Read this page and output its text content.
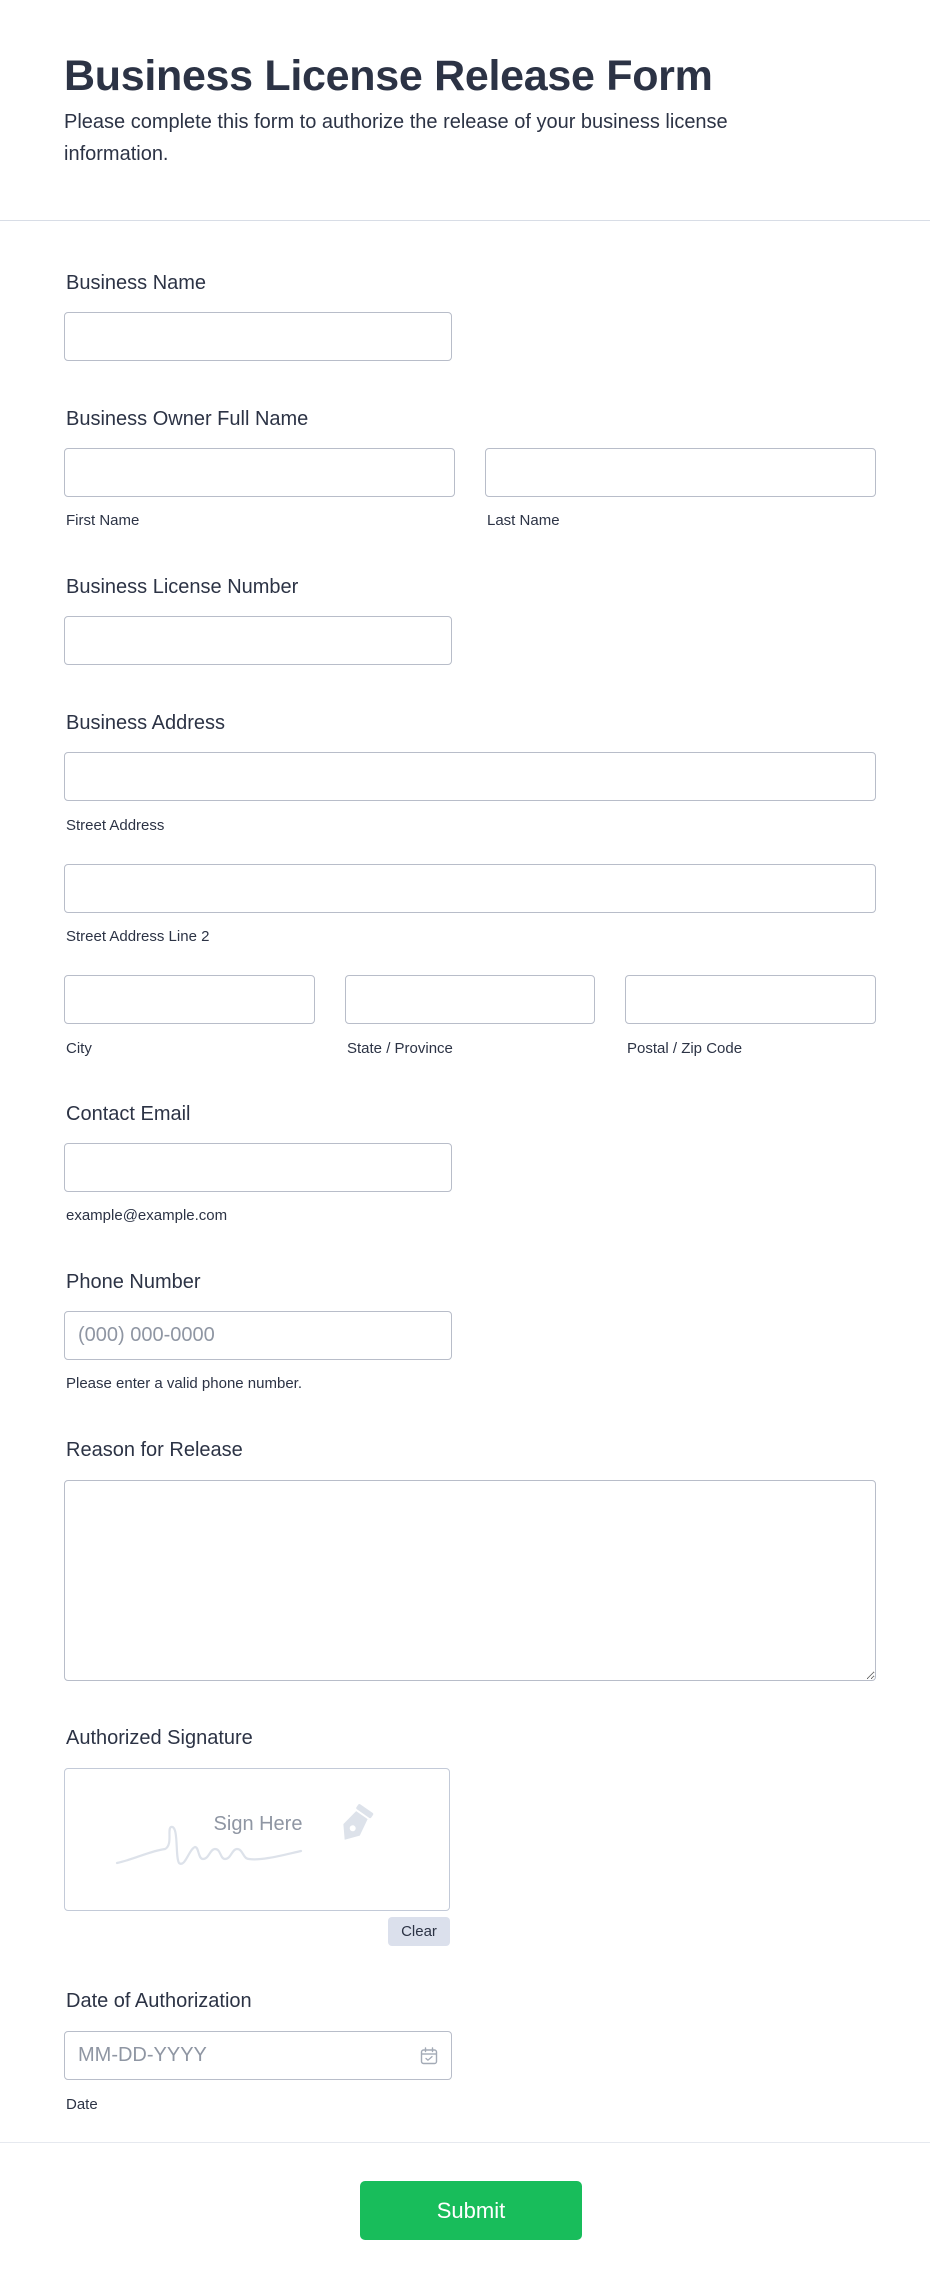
Business License Release Form

Please complete this form to authorize the release of your business license information.

Business Name
Business Owner Full Name
First Name	Last Name
Business License Number
Business Address
Street Address
Street Address Line 2
City	State / Province	Postal / Zip Code
Contact Email
example@example.com
Phone Number
(000) 000-0000
Please enter a valid phone number.
Reason for Release
Authorized Signature
Sign Here
Clear
Date of Authorization
MM-DD-YYYY
Date
Submit
